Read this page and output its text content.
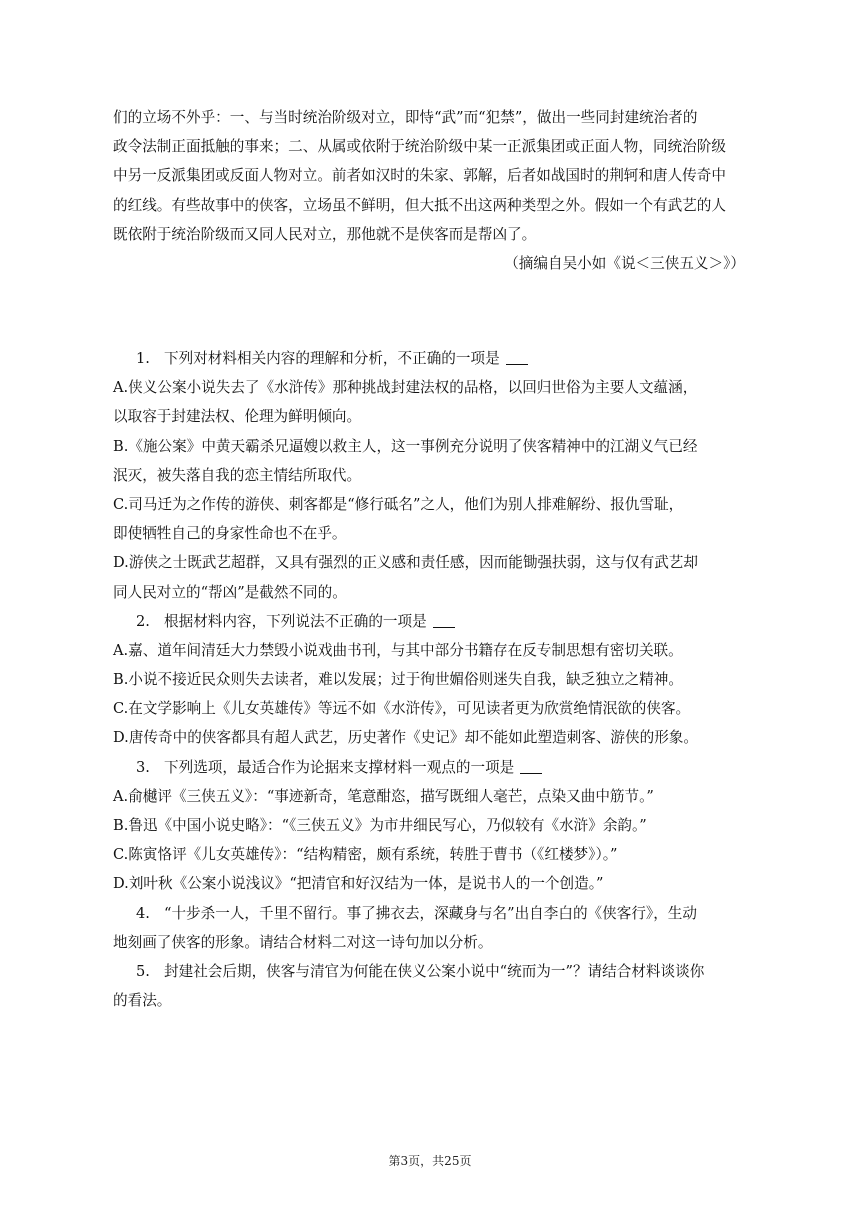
们的立场不外乎：一、与当时统治阶级对立，即恃“武”而“犯禁”，做出一些同封建统治者的
政令法制正面抵触的事来；二、从属或依附于统治阶级中某一正派集团或正面人物，同统治阶级
中另一反派集团或反面人物对立。前者如汉时的朱家、郭解，后者如战国时的荆轲和唐人传奇中
的红线。有些故事中的侠客，立场虽不鲜明，但大抵不出这两种类型之外。假如一个有武艺的人
既依附于统治阶级而又同人民对立，那他就不是侠客而是帮凶了。
（摘编自吴小如《说＜三侠五义＞》）
1. 下列对材料相关内容的理解和分析，不正确的一项是
A.侠义公案小说失去了《水浒传》那种挑战封建法权的品格，以回归世俗为主要人文蕴涵，
以取容于封建法权、伦理为鲜明倾向。
B.《施公案》中黄天霸杀兄逼嫂以救主人，这一事例充分说明了侠客精神中的江湖义气已经
泯灭，被失落自我的恋主情结所取代。
C.司马迁为之作传的游侠、刺客都是“修行砥名”之人，他们为别人排难解纷、报仇雪耻，
即使牺牲自己的身家性命也不在乎。
D.游侠之士既武艺超群，又具有强烈的正义感和责任感，因而能锄强扶弱，这与仅有武艺却
同人民对立的“帮凶”是截然不同的。
2. 根据材料内容，下列说法不正确的一项是
A.嘉、道年间清廷大力禁毁小说戏曲书刊，与其中部分书籍存在反专制思想有密切关联。
B.小说不接近民众则失去读者，难以发展；过于徇世媚俗则迷失自我，缺乏独立之精神。
C.在文学影响上《儿女英雄传》等远不如《水浒传》，可见读者更为欣赏绝情泯欲的侠客。
D.唐传奇中的侠客都具有超人武艺，历史著作《史记》却不能如此塑造刺客、游侠的形象。
3. 下列选项，最适合作为论据来支撑材料一观点的一项是
A.俞樾评《三侠五义》：“事迹新奇，笔意酣恣，描写既细人毫芒，点染又曲中筋节。”
B.鲁迅《中国小说史略》：“《三侠五义》为市井细民写心，乃似较有《水浒》余韵。”
C.陈寅恪评《儿女英雄传》：“结构精密，颇有系统，转胜于曹书（《红楼梦》）。”
D.刘叶秋《公案小说浅议》“把清官和好汉结为一体，是说书人的一个创造。”
4. “十步杀一人，千里不留行。事了拂衣去，深藏身与名”出自李白的《侠客行》，生动
地刻画了侠客的形象。请结合材料二对这一诗句加以分析。
5. 封建社会后期，侠客与清官为何能在侠义公案小说中“统而为一”？请结合材料谈谈你
的看法。
第3页，共25页
